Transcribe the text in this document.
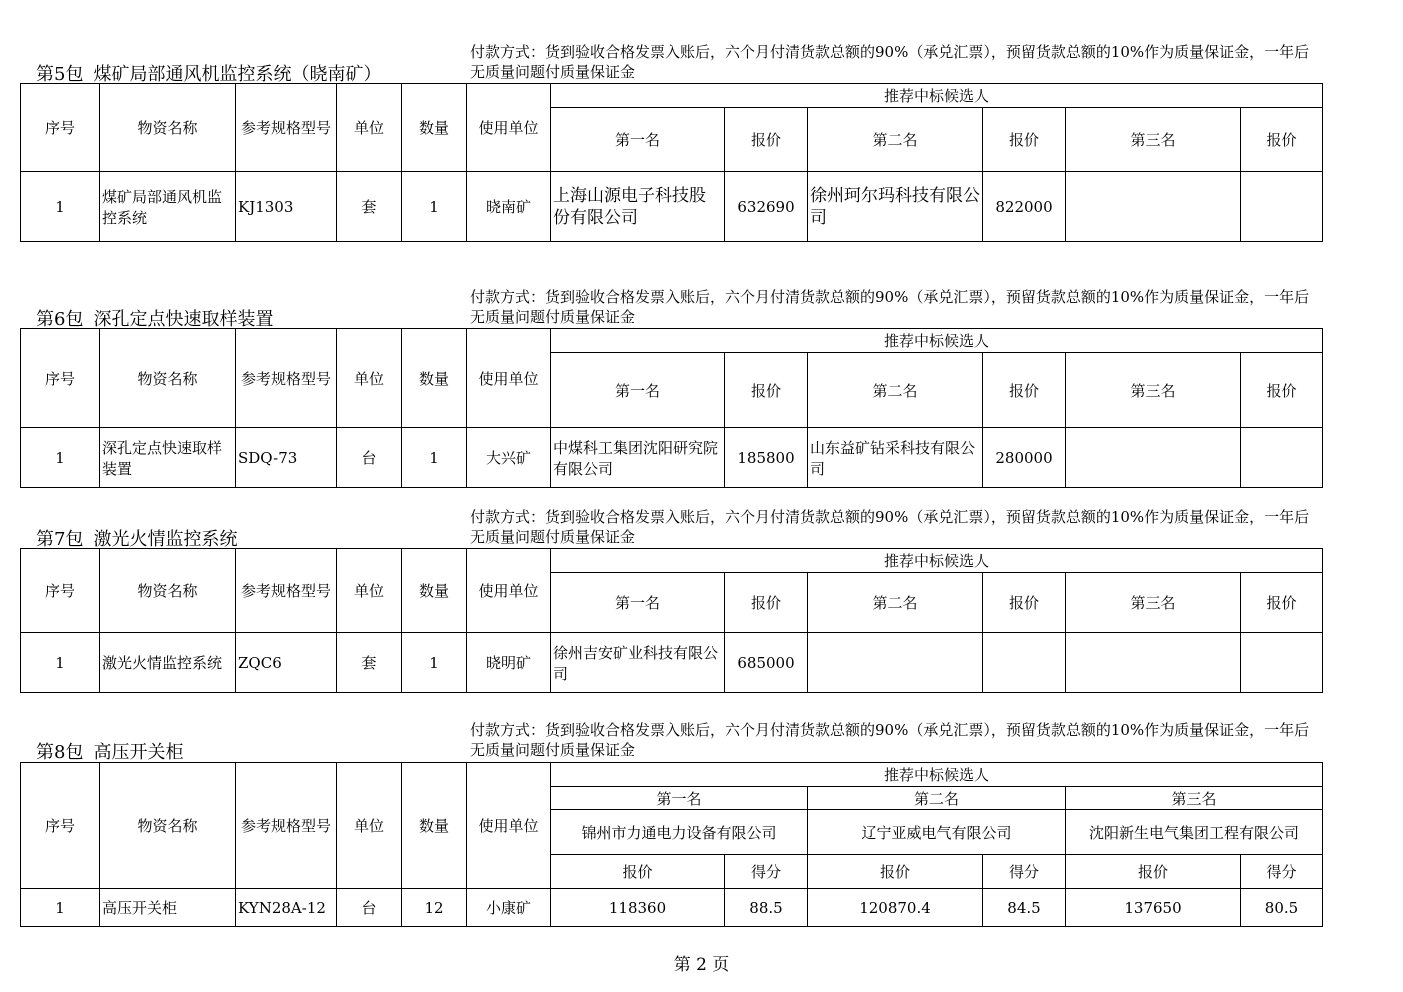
第5包 煤矿局部通风机监控系统（晓南矿）
付款方式：货到验收合格发票入账后，六个月付清货款总额的90%（承兑汇票），预留货款总额的10%作为质量保证金，一年后无质量问题付质量保证金
序号	物资名称	参考规格型号	单位	数量	使用单位	推荐中标候选人					
						第一名	报价	第二名	报价	第三名	报价
1	煤矿局部通风机监控系统	KJ1303	套	1	晓南矿	上海山源电子科技股份有限公司	632690	徐州珂尔玛科技有限公司	822000		
第6包 深孔定点快速取样装置
付款方式：货到验收合格发票入账后，六个月付清货款总额的90%（承兑汇票），预留货款总额的10%作为质量保证金，一年后无质量问题付质量保证金
序号	物资名称	参考规格型号	单位	数量	使用单位	推荐中标候选人					
						第一名	报价	第二名	报价	第三名	报价
1	深孔定点快速取样装置	SDQ-73	台	1	大兴矿	中煤科工集团沈阳研究院有限公司	185800	山东益矿钻采科技有限公司	280000		
第7包 激光火情监控系统
付款方式：货到验收合格发票入账后，六个月付清货款总额的90%（承兑汇票），预留货款总额的10%作为质量保证金，一年后无质量问题付质量保证金
序号	物资名称	参考规格型号	单位	数量	使用单位	推荐中标候选人					
						第一名	报价	第二名	报价	第三名	报价
1	激光火情监控系统	ZQC6	套	1	晓明矿	徐州吉安矿业科技有限公司	685000				
第8包 高压开关柜
付款方式：货到验收合格发票入账后，六个月付清货款总额的90%（承兑汇票），预留货款总额的10%作为质量保证金，一年后无质量问题付质量保证金
序号	物资名称	参考规格型号	单位	数量	使用单位	推荐中标候选人					
						第一名		第二名		第三名	
						锦州市力通电力设备有限公司		辽宁亚威电气有限公司		沈阳新生电气集团工程有限公司	
						报价	得分	报价	得分	报价	得分
1	高压开关柜	KYN28A-12	台	12	小康矿	118360	88.5	120870.4	84.5	137650	80.5
第 2 页
